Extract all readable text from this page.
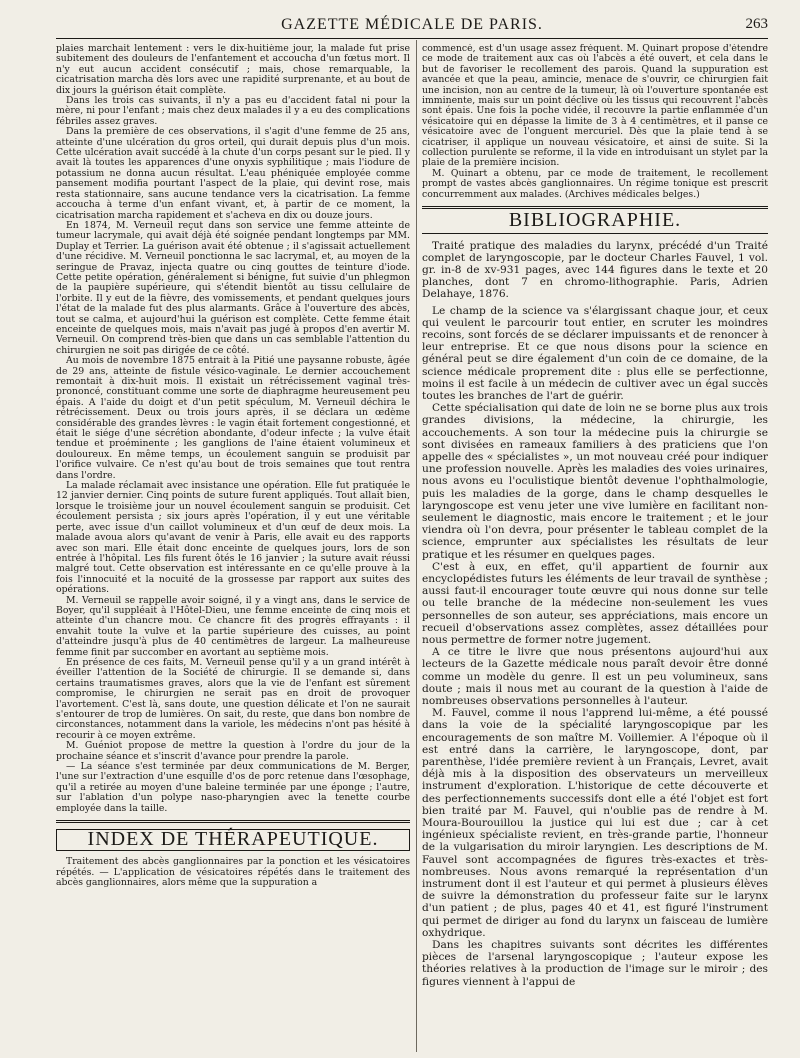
GAZETTE MÉDICALE DE PARIS.	263

plaies marchait lentement : vers le dix-huitième jour, la malade fut prise subitement des douleurs de l'enfantement et accoucha d'un fœtus mort. Il n'y eut aucun accident consécutif ; mais, chose remarquable, la cicatrisation marcha dès lors avec une rapidité surprenante, et au bout de dix jours la guérison était complète.

Dans les trois cas suivants, il n'y a pas eu d'accident fatal ni pour la mère, ni pour l'enfant ; mais chez deux malades il y a eu des complications fébriles assez graves.

Dans la première de ces observations, il s'agit d'une femme de 25 ans, atteinte d'une ulcération du gros orteil, qui durait depuis plus d'un mois. Cette ulcération avait succédé à la chute d'un corps pesant sur le pied. Il y avait là toutes les apparences d'une onyxis syphilitique ; mais l'iodure de potassium ne donna aucun résultat. L'eau phéniquée employée comme pansement modifia pourtant l'aspect de la plaie, qui devint rose, mais resta stationnaire, sans aucune tendance vers la cicatrisation. La femme accoucha à terme d'un enfant vivant, et, à partir de ce moment, la cicatrisation marcha rapidement et s'acheva en dix ou douze jours.

En 1874, M. Verneuil reçut dans son service une femme atteinte de tumeur lacrymale, qui avait déjà été soignée pendant longtemps par MM. Duplay et Terrier. La guérison avait été obtenue ; il s'agissait actuellement d'une récidive. M. Verneuil ponctionna le sac lacrymal, et, au moyen de la seringue de Pravaz, injecta quatre ou cinq gouttes de teinture d'iode. Cette petite opération, généralement si bénigne, fut suivie d'un phlegmon de la paupière supérieure, qui s'étendit bientôt au tissu cellulaire de l'orbite. Il y eut de la fièvre, des vomissements, et pendant quelques jours l'état de la malade fut des plus alarmants. Grâce à l'ouverture des abcès, tout se calma, et aujourd'hui la guérison est complète. Cette femme était enceinte de quelques mois, mais n'avait pas jugé à propos d'en avertir M. Verneuil. On comprend très-bien que dans un cas semblable l'attention du chirurgien ne soit pas dirigée de ce côté.

Au mois de novembre 1875 entrait à la Pitié une paysanne robuste, âgée de 29 ans, atteinte de fistule vésico-vaginale. Le dernier accouchement remontait à dix-huit mois. Il existait un rétrécissement vaginal très-prononcé, constituant comme une sorte de diaphragme heureusement peu épais. A l'aide du doigt et d'un petit spéculum, M. Verneuil déchira le rétrécissement. Deux ou trois jours après, il se déclara un œdème considérable des grandes lèvres : le vagin était fortement congestionné, et était le siége d'une sécrétion abondante, d'odeur infecte ; la vulve était tendue et proéminente ; les ganglions de l'aine étaient volumineux et douloureux. En même temps, un écoulement sanguin se produisit par l'orifice vulvaire. Ce n'est qu'au bout de trois semaines que tout rentra dans l'ordre.

La malade réclamait avec insistance une opération. Elle fut pratiquée le 12 janvier dernier. Cinq points de suture furent appliqués. Tout allait bien, lorsque le troisième jour un nouvel écoulement sanguin se produisit. Cet écoulement persista ; six jours après l'opération, il y eut une véritable perte, avec issue d'un caillot volumineux et d'un œuf de deux mois. La malade avoua alors qu'avant de venir à Paris, elle avait eu des rapports avec son mari. Elle était donc enceinte de quelques jours, lors de son entrée à l'hôpital. Les fils furent ôtés le 16 janvier ; la suture avait réussi malgré tout. Cette observation est intéressante en ce qu'elle prouve à la fois l'innocuité et la nocuité de la grossesse par rapport aux suites des opérations.

M. Verneuil se rappelle avoir soigné, il y a vingt ans, dans le service de Boyer, qu'il suppléait à l'Hôtel-Dieu, une femme enceinte de cinq mois et atteinte d'un chancre mou. Ce chancre fit des progrès effrayants : il envahit toute la vulve et la partie supérieure des cuisses, au point d'atteindre jusqu'à plus de 40 centimètres de largeur. La malheureuse femme finit par succomber en avortant au septième mois.

En présence de ces faits, M. Verneuil pense qu'il y a un grand intérêt à éveiller l'attention de la Société de chirurgie. Il se demande si, dans certains traumatismes graves, alors que la vie de l'enfant est sûrement compromise, le chirurgien ne serait pas en droit de provoquer l'avortement. C'est là, sans doute, une question délicate et l'on ne saurait s'entourer de trop de lumières. On sait, du reste, que dans bon nombre de circonstances, notamment dans la variole, les médecins n'ont pas hésité à recourir à ce moyen extrême.

M. Guéniot propose de mettre la question à l'ordre du jour de la prochaine séance et s'inscrit d'avance pour prendre la parole.

— La séance s'est terminée par deux communications de M. Berger, l'une sur l'extraction d'une esquille d'os de porc retenue dans l'œsophage, qu'il a retirée au moyen d'une baleine terminée par une éponge ; l'autre, sur l'ablation d'un polype naso-pharyngien avec la tenette courbe employée dans la taille.

INDEX DE THÉRAPEUTIQUE.

Traitement des abcès ganglionnaires par la ponction et les vésicatoires répétés. — L'application de vésicatoires répétés dans le traitement des abcès ganglionnaires, alors même que la suppuration a

commencé, est d'un usage assez fréquent. M. Quinart propose d'étendre ce mode de traitement aux cas où l'abcès a été ouvert, et cela dans le but de favoriser le recollement des parois. Quand la suppuration est avancée et que la peau, amincie, menace de s'ouvrir, ce chirurgien fait une incision, non au centre de la tumeur, là où l'ouverture spontanée est imminente, mais sur un point déclive où les tissus qui recouvrent l'abcès sont épais. Une fois la poche vidée, il recouvre la partie enflammée d'un vésicatoire qui en dépasse la limite de 3 à 4 centimètres, et il panse ce vésicatoire avec de l'onguent mercuriel. Dès que la plaie tend à se cicatriser, il applique un nouveau vésicatoire, et ainsi de suite. Si la collection purulente se reforme, il la vide en introduisant un stylet par la plaie de la première incision.

M. Quinart a obtenu, par ce mode de traitement, le recollement prompt de vastes abcès ganglionnaires. Un régime tonique est prescrit concurremment aux malades. (Archives médicales belges.)

BIBLIOGRAPHIE.

Traité pratique des maladies du larynx, précédé d'un Traité complet de laryngoscopie, par le docteur Charles Fauvel, 1 vol. gr. in-8 de xv-931 pages, avec 144 figures dans le texte et 20 planches, dont 7 en chromo-lithographie. Paris, Adrien Delahaye, 1876.

Le champ de la science va s'élargissant chaque jour, et ceux qui veulent le parcourir tout entier, en scruter les moindres recoins, sont forcés de se déclarer impuissants et de renoncer à leur entreprise. Et ce que nous disons pour la science en général peut se dire également d'un coin de ce domaine, de la science médicale proprement dite : plus elle se perfectionne, moins il est facile à un médecin de cultiver avec un égal succès toutes les branches de l'art de guérir.

Cette spécialisation qui date de loin ne se borne plus aux trois grandes divisions, la médecine, la chirurgie, les accouchements. A son tour la médecine puis la chirurgie se sont divisées en rameaux familiers à des praticiens que l'on appelle des « spécialistes », un mot nouveau créé pour indiquer une profession nouvelle. Après les maladies des voies urinaires, nous avons eu l'oculistique bientôt devenue l'ophthalmologie, puis les maladies de la gorge, dans le champ desquelles le laryngoscope est venu jeter une vive lumière en facilitant non-seulement le diagnostic, mais encore le traitement ; et le jour viendra où l'on devra, pour présenter le tableau complet de la science, emprunter aux spécialistes les résultats de leur pratique et les résumer en quelques pages.

C'est à eux, en effet, qu'il appartient de fournir aux encyclopédistes futurs les éléments de leur travail de synthèse ; aussi faut-il encourager toute œuvre qui nous donne sur telle ou telle branche de la médecine non-seulement les vues personnelles de son auteur, ses appréciations, mais encore un recueil d'observations assez complètes, assez détaillées pour nous permettre de former notre jugement.

A ce titre le livre que nous présentons aujourd'hui aux lecteurs de la Gazette médicale nous paraît devoir être donné comme un modèle du genre. Il est un peu volumineux, sans doute ; mais il nous met au courant de la question à l'aide de nombreuses observations personnelles à l'auteur.

M. Fauvel, comme il nous l'apprend lui-même, a été poussé dans la voie de la spécialité laryngoscopique par les encouragements de son maître M. Voillemier. A l'époque où il est entré dans la carrière, le laryngoscope, dont, par parenthèse, l'idée première revient à un Français, Levret, avait déjà mis à la disposition des observateurs un merveilleux instrument d'exploration. L'historique de cette découverte et des perfectionnements successifs dont elle a été l'objet est fort bien traité par M. Fauvel, qui n'oublie pas de rendre à M. Moura-Bourouillou la justice qui lui est due ; car à cet ingénieux spécialiste revient, en très-grande partie, l'honneur de la vulgarisation du miroir laryngien. Les descriptions de M. Fauvel sont accompagnées de figures très-exactes et très-nombreuses. Nous avons remarqué la représentation d'un instrument dont il est l'auteur et qui permet à plusieurs élèves de suivre la démonstration du professeur faite sur le larynx d'un patient ; de plus, pages 40 et 41, est figuré l'instrument qui permet de diriger au fond du larynx un faisceau de lumière oxhydrique.

Dans les chapitres suivants sont décrites les différentes pièces de l'arsenal laryngoscopique ; l'auteur expose les théories relatives à la production de l'image sur le miroir ; des figures viennent à l'appui de
